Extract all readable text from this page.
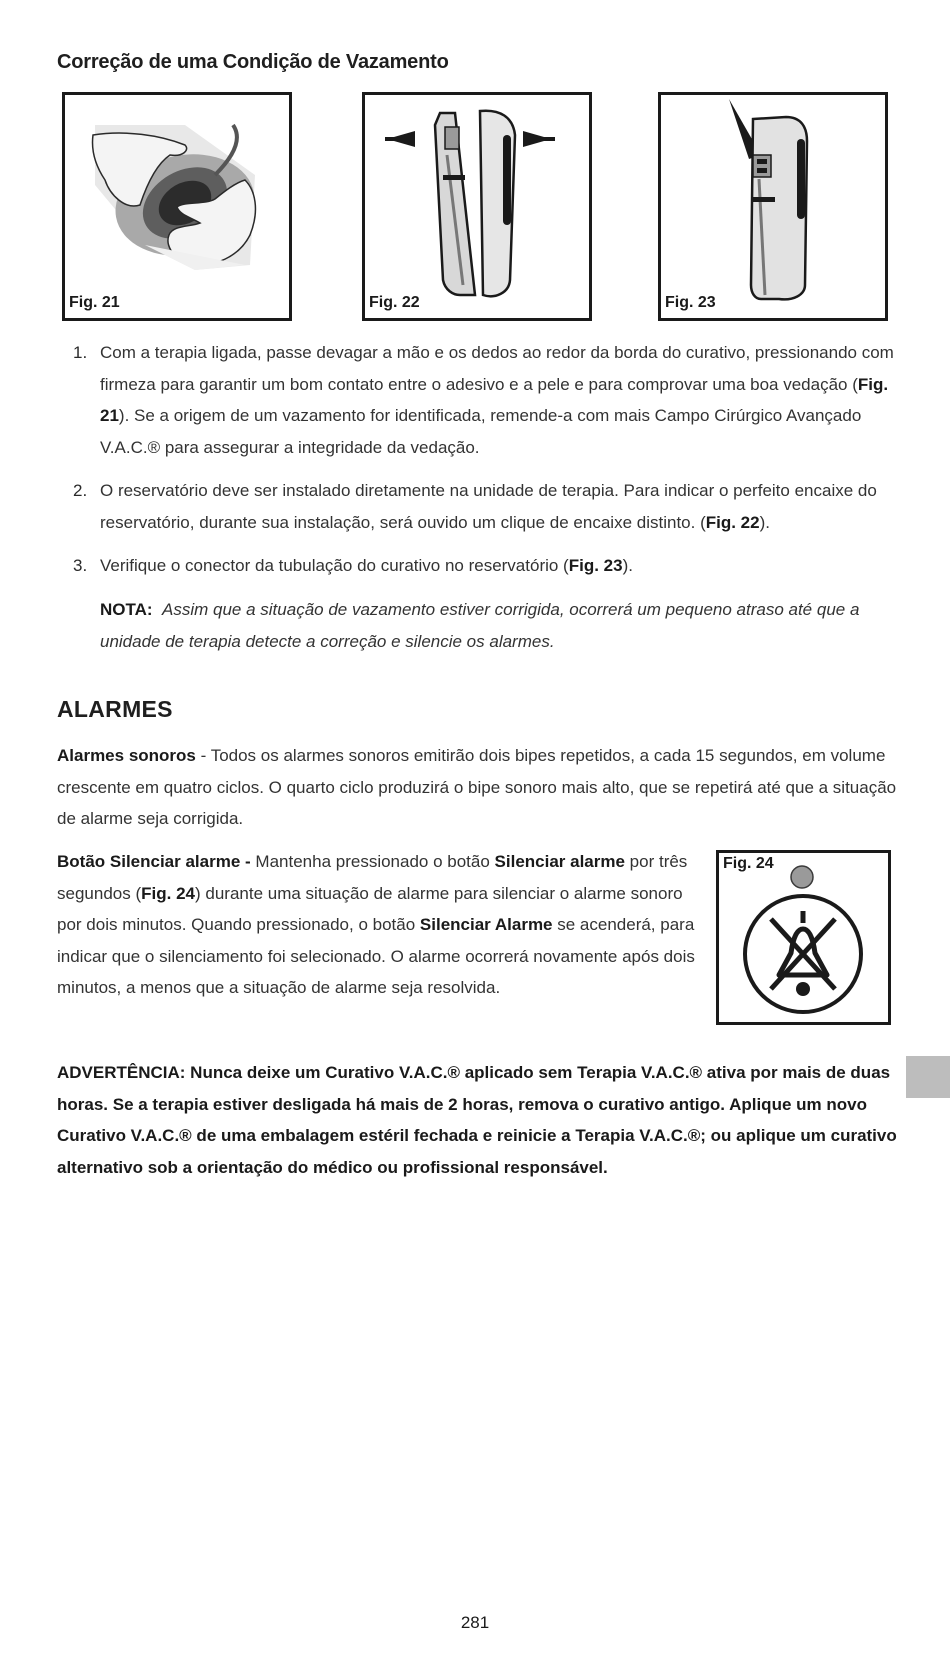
Correção de uma Condição de Vazamento
Fig. 21	Fig. 22	Fig. 23
1. Com a terapia ligada, passe devagar a mão e os dedos ao redor da borda do curativo, pressionando com firmeza para garantir um bom contato entre o adesivo e a pele e para comprovar uma boa vedação (Fig. 21). Se a origem de um vazamento for identificada, remende-a com mais Campo Cirúrgico Avançado V.A.C.® para assegurar a integridade da vedação.
2. O reservatório deve ser instalado diretamente na unidade de terapia. Para indicar o perfeito encaixe do reservatório, durante sua instalação, será ouvido um clique de encaixe distinto. (Fig. 22).
3. Verifique o conector da tubulação do curativo no reservatório (Fig. 23).
NOTA: Assim que a situação de vazamento estiver corrigida, ocorrerá um pequeno atraso até que a unidade de terapia detecte a correção e silencie os alarmes.
ALARMES
Alarmes sonoros - Todos os alarmes sonoros emitirão dois bipes repetidos, a cada 15 segundos, em volume crescente em quatro ciclos. O quarto ciclo produzirá o bipe sonoro mais alto, que se repetirá até que a situação de alarme seja corrigida.
Botão Silenciar alarme - Mantenha pressionado o botão Silenciar alarme por três segundos (Fig. 24) durante uma situação de alarme para silenciar o alarme sonoro por dois minutos. Quando pressionado, o botão Silenciar Alarme se acenderá, para indicar que o silenciamento foi selecionado. O alarme ocorrerá novamente após dois minutos, a menos que a situação de alarme seja resolvida.
Fig. 24
ADVERTÊNCIA: Nunca deixe um Curativo V.A.C.® aplicado sem Terapia V.A.C.® ativa por mais de duas horas. Se a terapia estiver desligada há mais de 2 horas, remova o curativo antigo. Aplique um novo Curativo V.A.C.® de uma embalagem estéril fechada e reinicie a Terapia V.A.C.®; ou aplique um curativo alternativo sob a orientação do médico ou profissional responsável.
281
